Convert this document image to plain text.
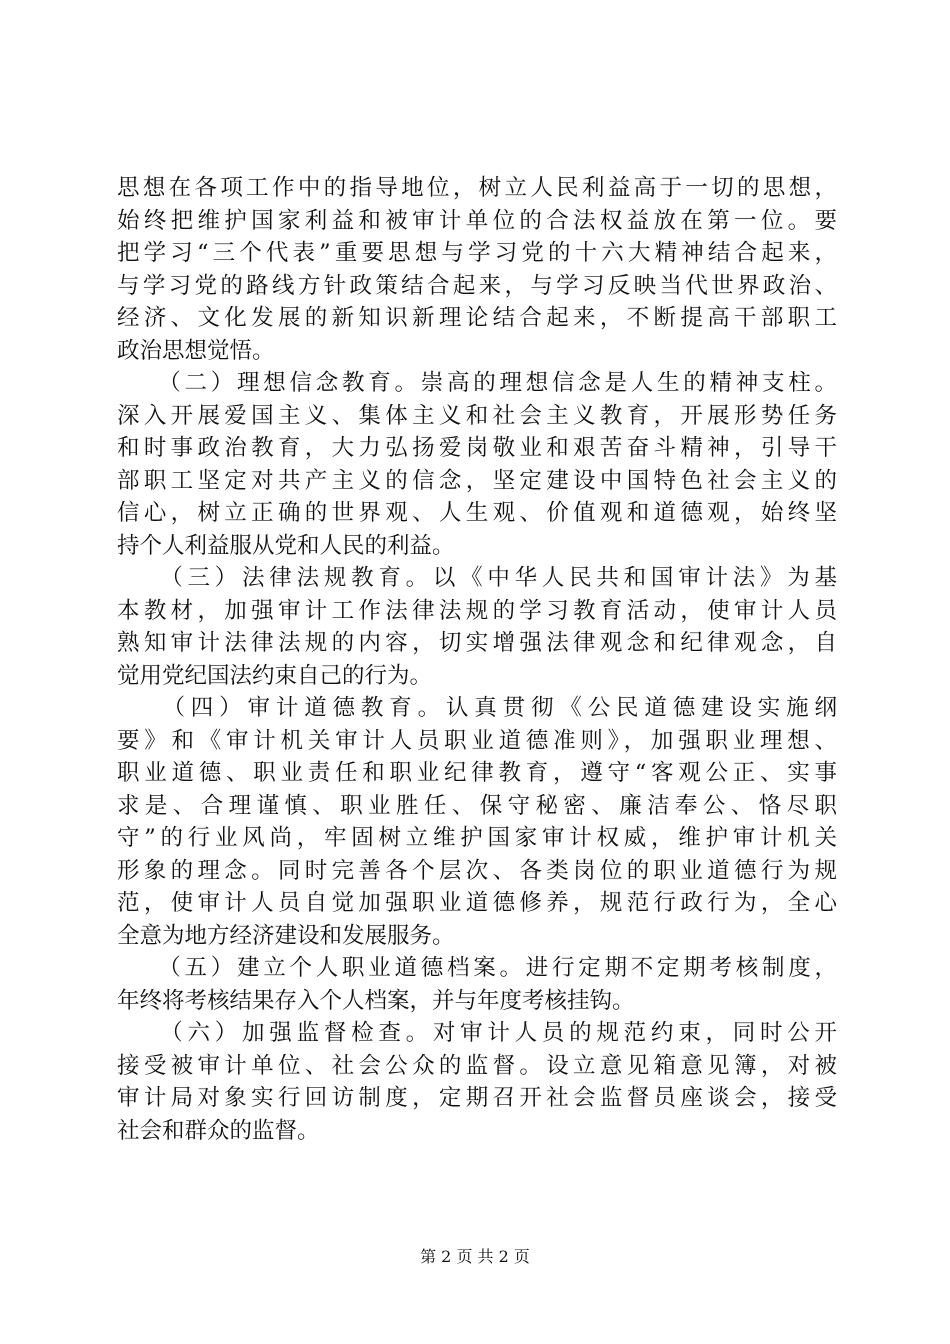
思想在各项工作中的指导地位，树立人民利益高于一切的思想，
始终把维护国家利益和被审计单位的合法权益放在第一位。要
把学习“三个代表”重要思想与学习党的十六大精神结合起来，
与学习党的路线方针政策结合起来，与学习反映当代世界政治、
经济、文化发展的新知识新理论结合起来，不断提高干部职工
政治思想觉悟。
　　（二）理想信念教育。崇高的理想信念是人生的精神支柱。
深入开展爱国主义、集体主义和社会主义教育，开展形势任务
和时事政治教育，大力弘扬爱岗敬业和艰苦奋斗精神，引导干
部职工坚定对共产主义的信念，坚定建设中国特色社会主义的
信心，树立正确的世界观、人生观、价值观和道德观，始终坚
持个人利益服从党和人民的利益。
　　（三）法律法规教育。以《中华人民共和国审计法》为基
本教材，加强审计工作法律法规的学习教育活动，使审计人员
熟知审计法律法规的内容，切实增强法律观念和纪律观念，自
觉用党纪国法约束自己的行为。
　　（四）审计道德教育。认真贯彻《公民道德建设实施纲
要》和《审计机关审计人员职业道德准则》，加强职业理想、
职业道德、职业责任和职业纪律教育，遵守“客观公正、实事
求是、合理谨慎、职业胜任、保守秘密、廉洁奉公、恪尽职
守”的行业风尚，牢固树立维护国家审计权威，维护审计机关
形象的理念。同时完善各个层次、各类岗位的职业道德行为规
范，使审计人员自觉加强职业道德修养，规范行政行为，全心
全意为地方经济建设和发展服务。
　　（五）建立个人职业道德档案。进行定期不定期考核制度，
年终将考核结果存入个人档案，并与年度考核挂钩。
　　（六）加强监督检查。对审计人员的规范约束，同时公开
接受被审计单位、社会公众的监督。设立意见箱意见簿，对被
审计局对象实行回访制度，定期召开社会监督员座谈会，接受
社会和群众的监督。
第 2 页 共 2 页
